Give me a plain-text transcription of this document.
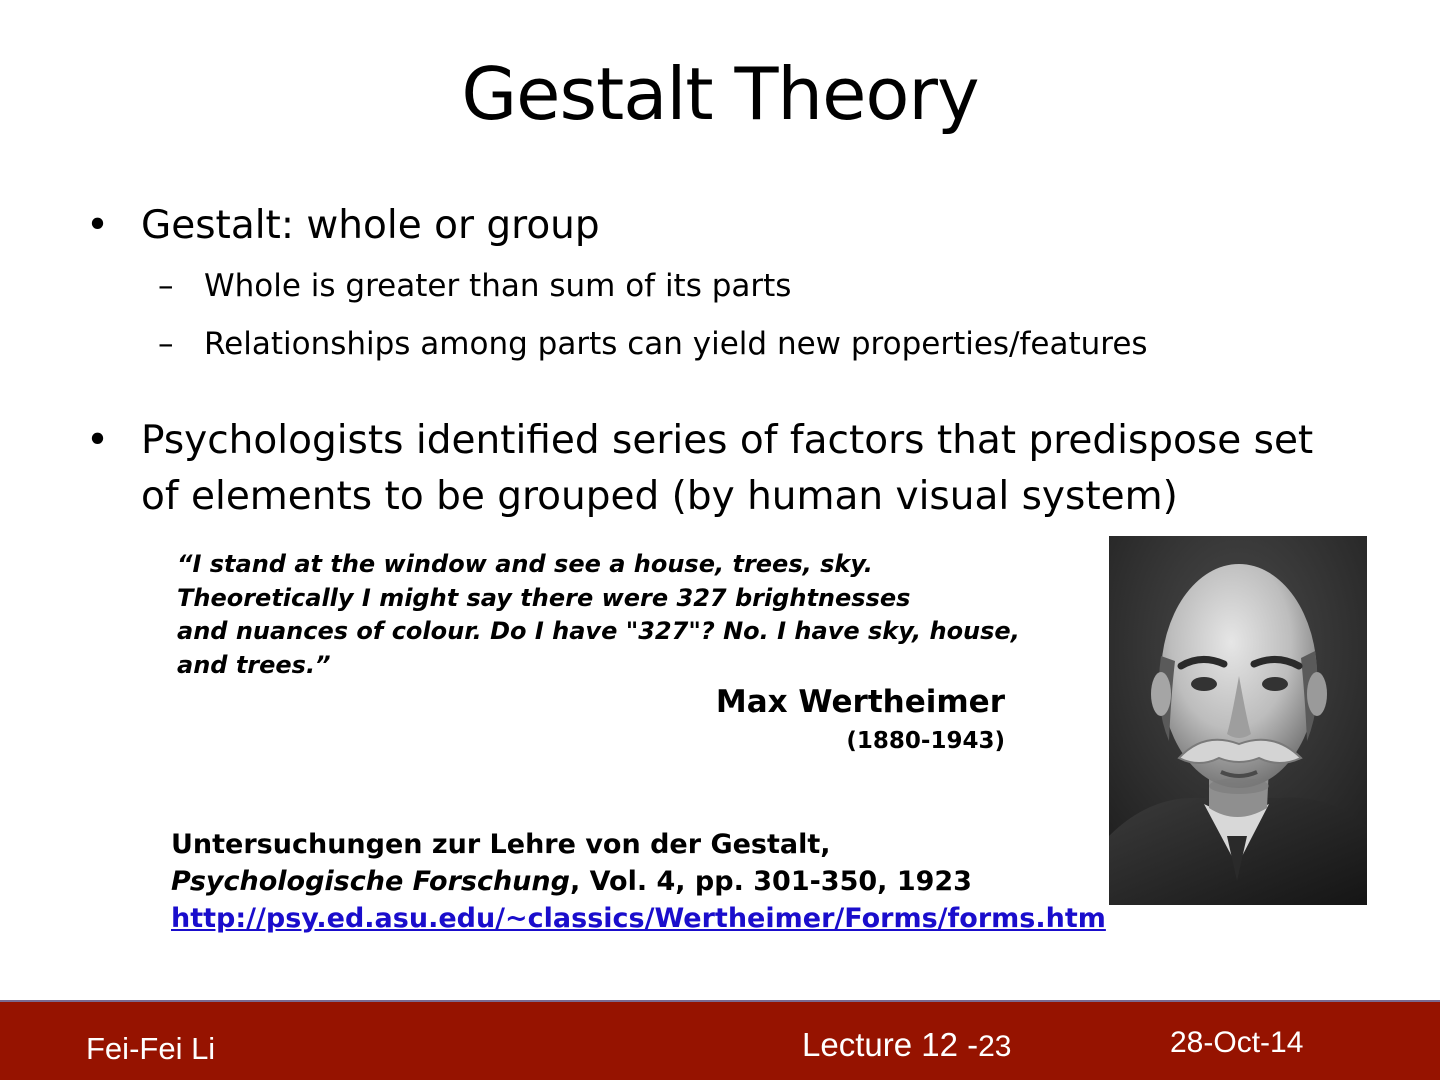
Gestalt Theory
• Gestalt: whole or group
– Whole is greater than sum of its parts
– Relationships among parts can yield new properties/features
• Psychologists identified series of factors that predispose set
of elements to be grouped (by human visual system)
“I stand at the window and see a house, trees, sky.
Theoretically I might say there were 327 brightnesses
and nuances of colour. Do I have "327"? No. I have sky, house,
and trees.”
Max Wertheimer
(1880-1943)
Untersuchungen zur Lehre von der Gestalt,
Psychologische Forschung, Vol. 4, pp. 301-350, 1923
http://psy.ed.asu.edu/~classics/Wertheimer/Forms/forms.htm
Fei-Fei Li	Lecture 12 -23	28-Oct-14
